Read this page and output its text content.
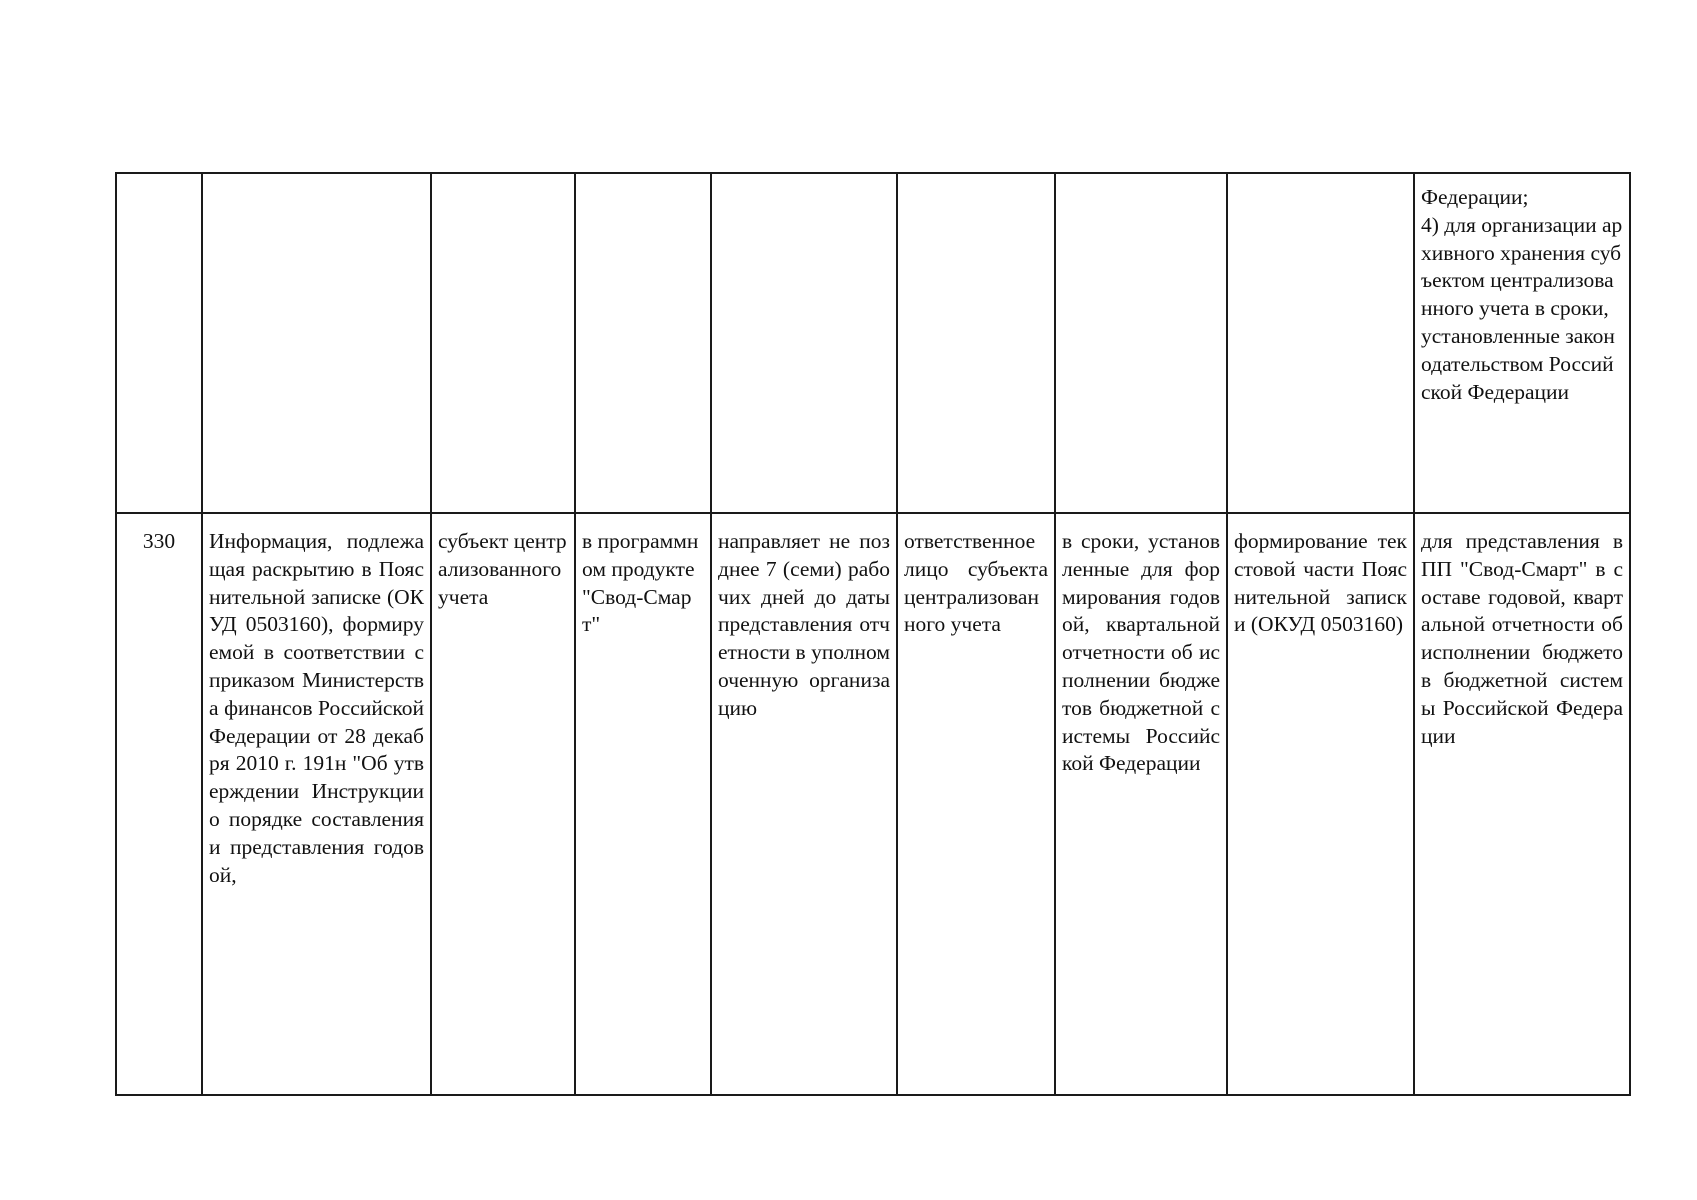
								Федерации;
4) для организации архивного хранения субъектом централизованного учета в сроки, установленные законодательством Российской Федерации
330	Информация, подлежащая раскрытию в Пояснительной записке (ОКУД 0503160), формируемой в соответствии с приказом Министерства финансов Российской Федерации от 28 декабря 2010 г. 191н "Об утверждении Инструкции о порядке составления и представления годовой,	субъект централизованного учета	в программном продукте "Свод-Смарт"	направляет не позднее 7 (семи) рабочих дней до даты представления отчетности в уполномоченную организацию	ответственное лицо субъекта централизованного учета	в сроки, установленные для формирования годовой, квартальной отчетности об исполнении бюджетов бюджетной системы Российской Федерации	формирование текстовой части Пояснительной записки (ОКУД 0503160)	для представления в ПП "Свод-Смарт" в составе годовой, квартальной отчетности об исполнении бюджетов бюджетной системы Российской Федерации
